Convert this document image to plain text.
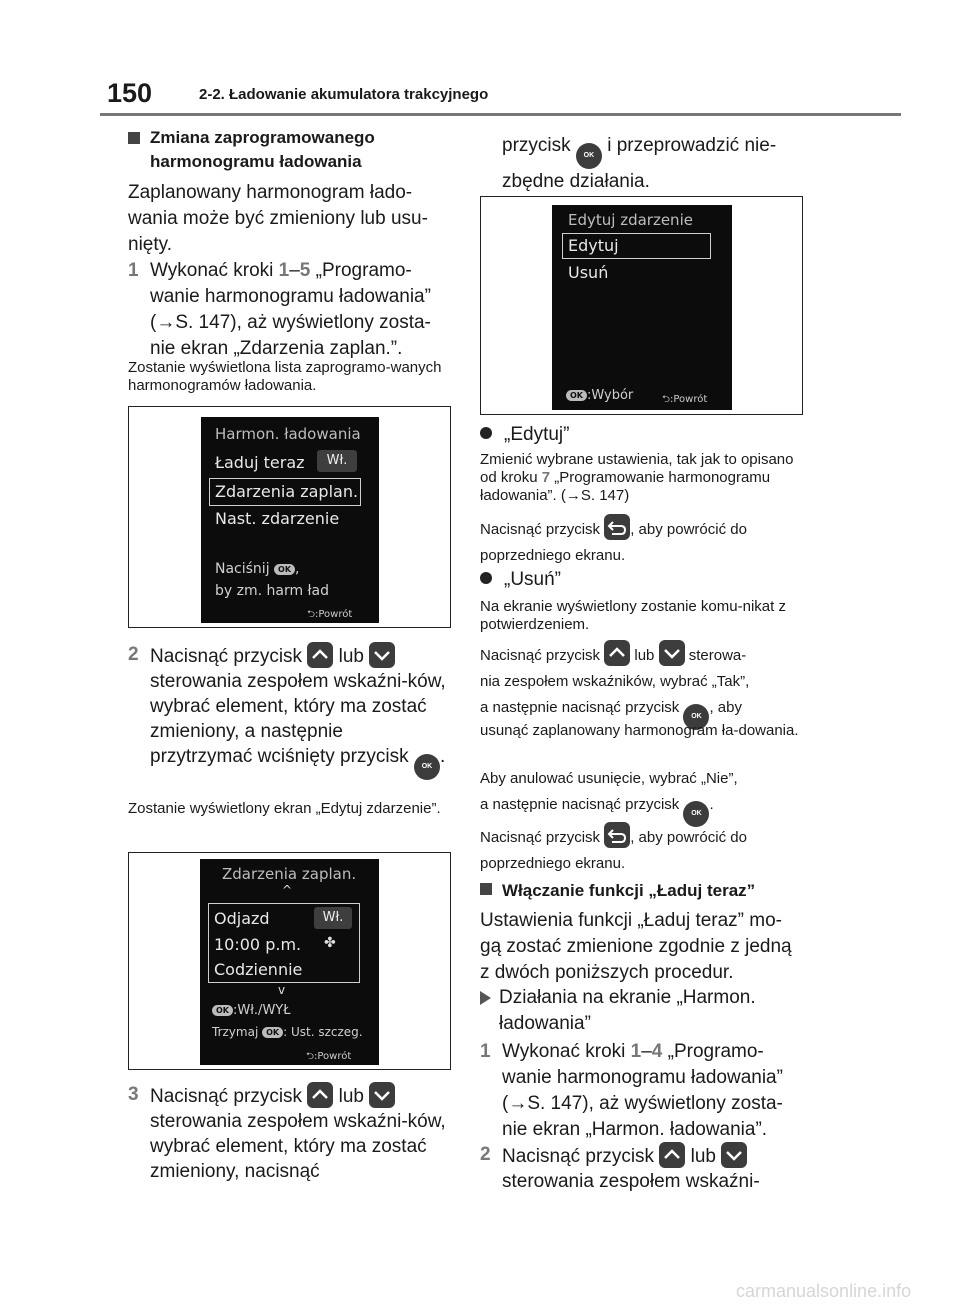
150	2-2. Ładowanie akumulatora trakcyjnego
Zmiana zaprogramowanego harmonogramu ładowania
Zaplanowany harmonogram łado-wania może być zmieniony lub usu-nięty.
1 Wykonać kroki 1–5 „Programo-wanie harmonogramu ładowania” (→S. 147), aż wyświetlony zosta-nie ekran „Zdarzenia zaplan.”.
Zostanie wyświetlona lista zaprogramo-wanych harmonogramów ładowania.
Harmon. ładowania
Ładuj teraz	Wł.
Zdarzenia zaplan.
Nast. zdarzenie
Naciśnij OK ,
by zm. harm ład
⮌:Powrót
2 Nacisnąć przycisk lub
sterowania zespołem wskaźni-ków, wybrać element, który ma zostać zmieniony, a następnie przytrzymać wciśnięty przycisk OK .
Zostanie wyświetlony ekran „Edytuj zdarzenie”.
Zdarzenia zaplan.
^
Odjazd	Wł.
10:00 p.m. ✤
Codziennie
v
OK :Wł./WYŁ
Trzymaj OK : Ust. szczeg.
⮌:Powrót
3 Nacisnąć przycisk lub
sterowania zespołem wskaźni-ków, wybrać element, który ma zostać zmieniony, nacisnąć
przycisk OK i przeprowadzić nie-zbędne działania.
Edytuj zdarzenie
Edytuj
Usuń
OK :Wybór	⮌:Powrót
„Edytuj”
Zmienić wybrane ustawienia, tak jak to opisano od kroku 7 „Programowanie harmonogramu ładowania”. (→S. 147)
Nacisnąć przycisk , aby powrócić do poprzedniego ekranu.
„Usuń”
Na ekranie wyświetlony zostanie komu-nikat z potwierdzeniem.
Nacisnąć przycisk lub sterowa-
nia zespołem wskaźników, wybrać „Tak”,
a następnie nacisnąć przycisk OK, aby
usunąć zaplanowany harmonogram ła-dowania.
Aby anulować usunięcie, wybrać „Nie”,
a następnie nacisnąć przycisk OK.
Nacisnąć przycisk , aby powrócić do poprzedniego ekranu.
Włączanie funkcji „Ładuj teraz”
Ustawienia funkcji „Ładuj teraz” mo-gą zostać zmienione zgodnie z jedną z dwóch poniższych procedur.
Działania na ekranie „Harmon. ładowania”
1 Wykonać kroki 1–4 „Programo-wanie harmonogramu ładowania” (→S. 147), aż wyświetlony zosta-nie ekran „Harmon. ładowania”.
2 Nacisnąć przycisk lub
sterowania zespołem wskaźni-
carmanualsonline.info
